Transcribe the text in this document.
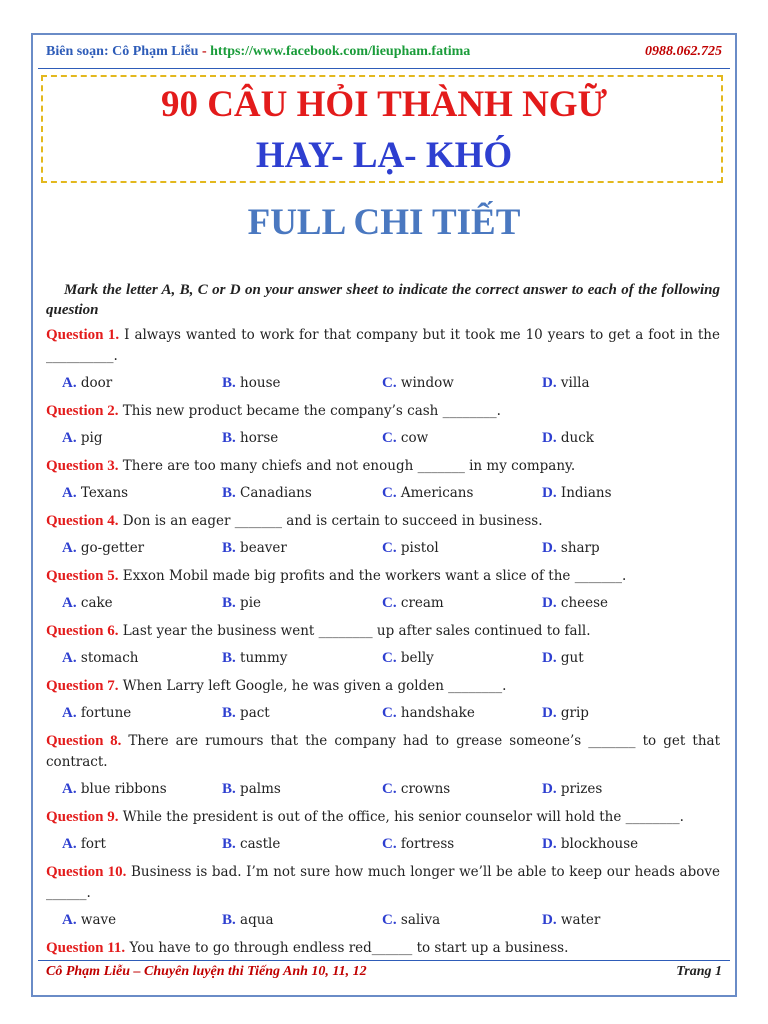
Biên soạn: Cô Phạm Liễu - https://www.facebook.com/lieupham.fatima	0988.062.725
90 CÂU HỎI THÀNH NGỮ
HAY- LẠ- KHÓ
FULL CHI TIẾT

Mark the letter A, B, C or D on your answer sheet to indicate the correct answer to each of the following question

Question 1. I always wanted to work for that company but it took me 10 years to get a foot in the __________.

A. door	B. house	C. window	D. villa

Question 2. This new product became the company’s cash ________.

A. pig	B. horse	C. cow	D. duck

Question 3. There are too many chiefs and not enough _______ in my company.

A. Texans	B. Canadians	C. Americans	D. Indians

Question 4. Don is an eager _______ and is certain to succeed in business.

A. go-getter	B. beaver	C. pistol	D. sharp

Question 5. Exxon Mobil made big profits and the workers want a slice of the _______.

A. cake	B. pie	C. cream	D. cheese

Question 6. Last year the business went ________ up after sales continued to fall.

A. stomach	B. tummy	C. belly	D. gut

Question 7. When Larry left Google, he was given a golden ________.

A. fortune	B. pact	C. handshake	D. grip

Question 8. There are rumours that the company had to grease someone’s _______ to get that contract.

A. blue ribbons	B. palms	C. crowns	D. prizes

Question 9. While the president is out of the office, his senior counselor will hold the ________.

A. fort	B. castle	C. fortress	D. blockhouse

Question 10. Business is bad. I’m not sure how much longer we’ll be able to keep our heads above ______.

A. wave	B. aqua	C. saliva	D. water

Question 11. You have to go through endless red______ to start up a business.

Cô Phạm Liễu – Chuyên luyện thi Tiếng Anh 10, 11, 12	Trang 1
